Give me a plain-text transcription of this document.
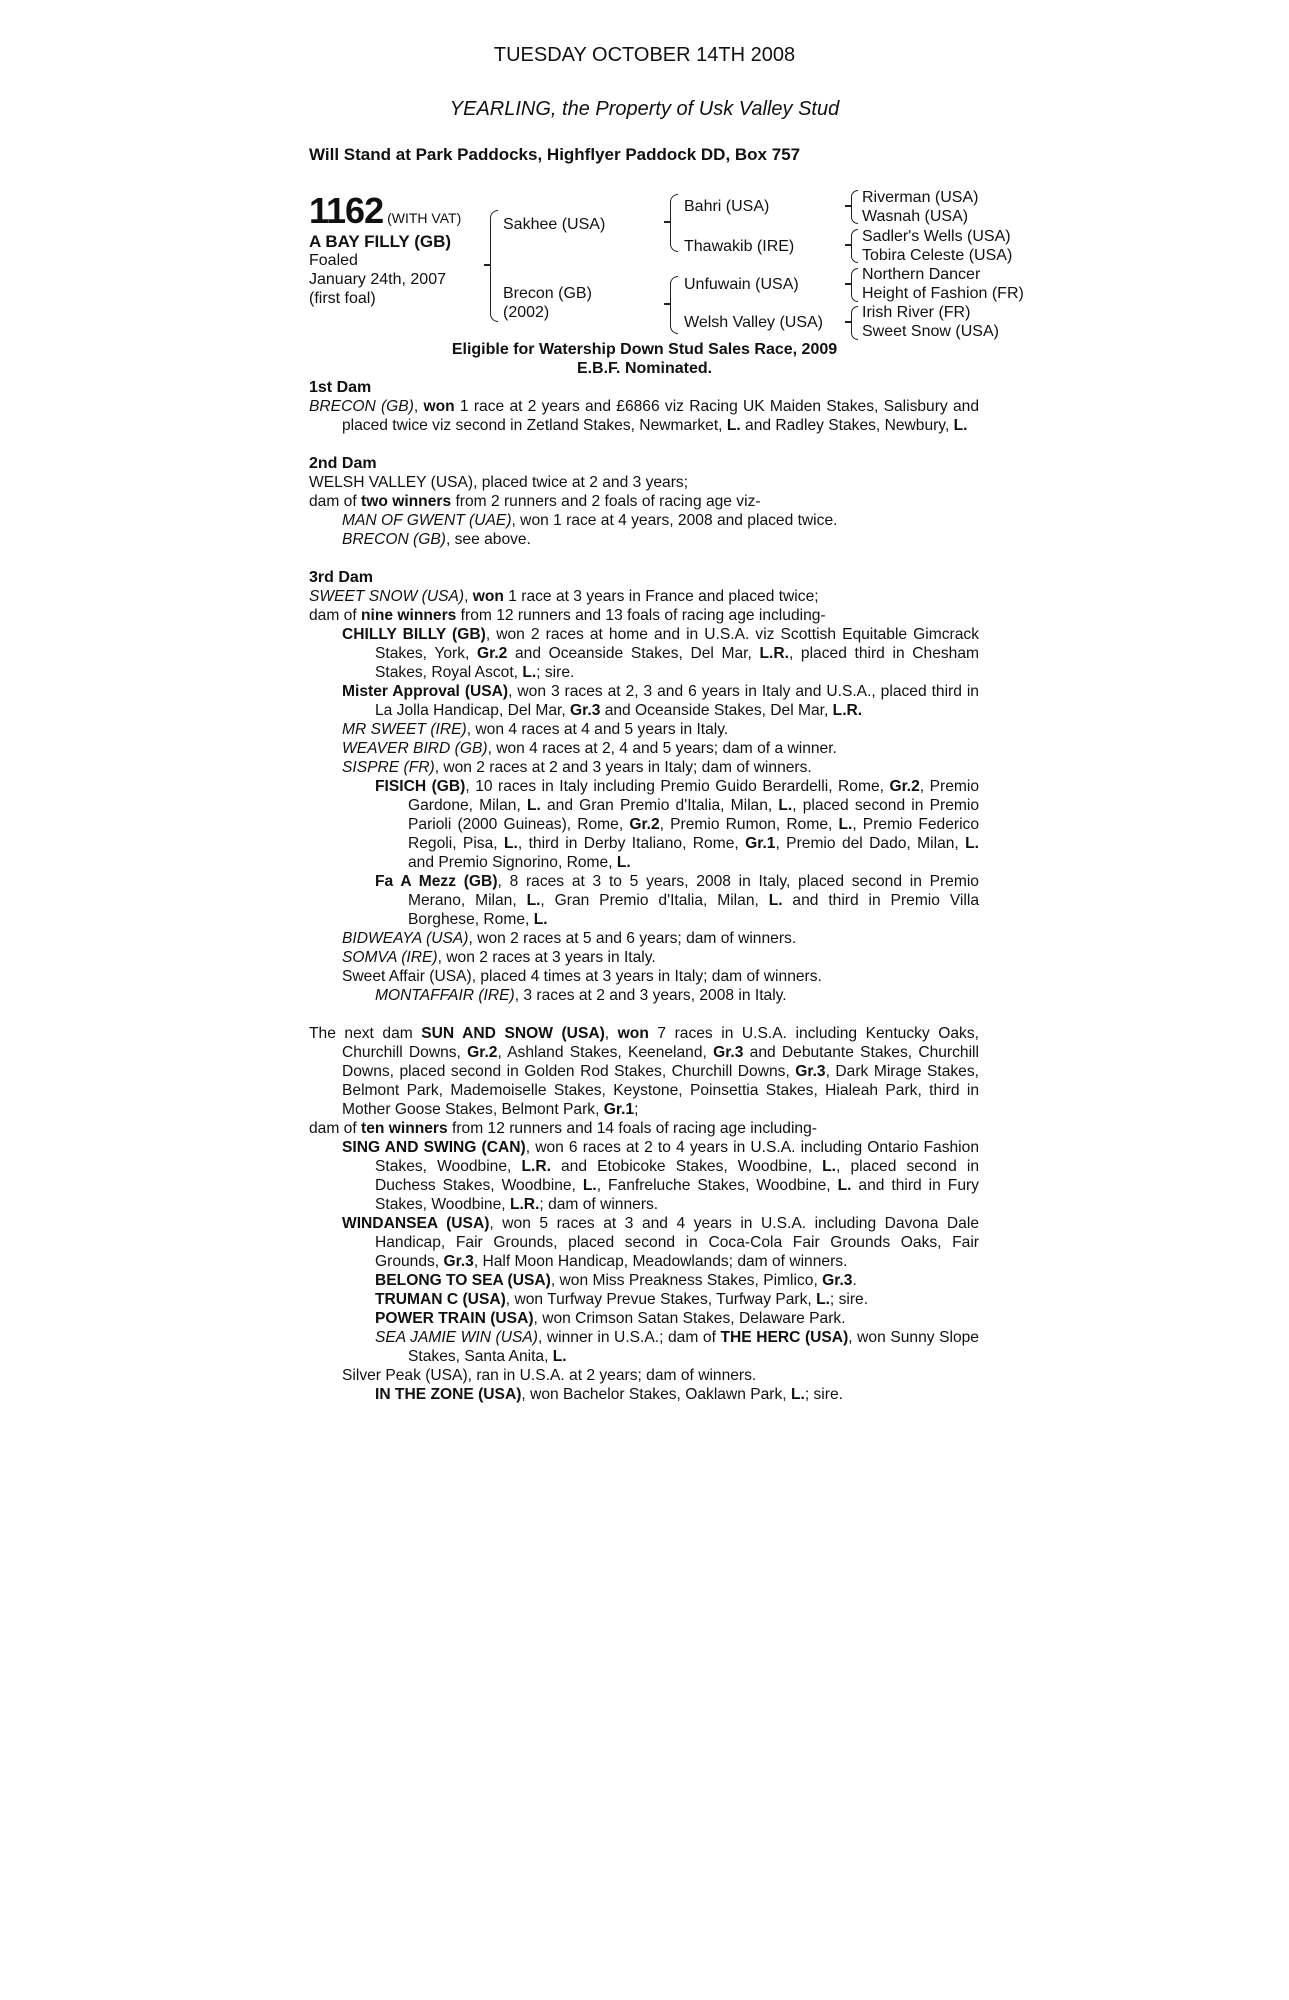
TUESDAY OCTOBER 14TH 2008
YEARLING, the Property of Usk Valley Stud
Will Stand at Park Paddocks, Highflyer Paddock DD, Box 757
1162 (WITH VAT)
A BAY FILLY (GB)
Foaled
January 24th, 2007
(first foal)
Sakhee (USA)
Brecon (GB)
(2002)
Bahri (USA)
Thawakib (IRE)
Unfuwain (USA)
Welsh Valley (USA)
Riverman (USA)
Wasnah (USA)
Sadler's Wells (USA)
Tobira Celeste (USA)
Northern Dancer
Height of Fashion (FR)
Irish River (FR)
Sweet Snow (USA)
Eligible for Watership Down Stud Sales Race, 2009
E.B.F. Nominated.
1st Dam

BRECON (GB), won 1 race at 2 years and £6866 viz Racing UK Maiden Stakes, Salisbury and placed twice viz second in Zetland Stakes, Newmarket, L. and Radley Stakes, Newbury, L.

2nd Dam

WELSH VALLEY (USA), placed twice at 2 and 3 years;

dam of two winners from 2 runners and 2 foals of racing age viz-

MAN OF GWENT (UAE), won 1 race at 4 years, 2008 and placed twice.

BRECON (GB), see above.

3rd Dam

SWEET SNOW (USA), won 1 race at 3 years in France and placed twice;

dam of nine winners from 12 runners and 13 foals of racing age including-

CHILLY BILLY (GB), won 2 races at home and in U.S.A. viz Scottish Equitable Gimcrack Stakes, York, Gr.2 and Oceanside Stakes, Del Mar, L.R., placed third in Chesham Stakes, Royal Ascot, L.; sire.

Mister Approval (USA), won 3 races at 2, 3 and 6 years in Italy and U.S.A., placed third in La Jolla Handicap, Del Mar, Gr.3 and Oceanside Stakes, Del Mar, L.R.

MR SWEET (IRE), won 4 races at 4 and 5 years in Italy.

WEAVER BIRD (GB), won 4 races at 2, 4 and 5 years; dam of a winner.

SISPRE (FR), won 2 races at 2 and 3 years in Italy; dam of winners.

FISICH (GB), 10 races in Italy including Premio Guido Berardelli, Rome, Gr.2, Premio Gardone, Milan, L. and Gran Premio d'Italia, Milan, L., placed second in Premio Parioli (2000 Guineas), Rome, Gr.2, Premio Rumon, Rome, L., Premio Federico Regoli, Pisa, L., third in Derby Italiano, Rome, Gr.1, Premio del Dado, Milan, L. and Premio Signorino, Rome, L.

Fa A Mezz (GB), 8 races at 3 to 5 years, 2008 in Italy, placed second in Premio Merano, Milan, L., Gran Premio d'Italia, Milan, L. and third in Premio Villa Borghese, Rome, L.

BIDWEAYA (USA), won 2 races at 5 and 6 years; dam of winners.

SOMVA (IRE), won 2 races at 3 years in Italy.

Sweet Affair (USA), placed 4 times at 3 years in Italy; dam of winners.

MONTAFFAIR (IRE), 3 races at 2 and 3 years, 2008 in Italy.

The next dam SUN AND SNOW (USA), won 7 races in U.S.A. including Kentucky Oaks, Churchill Downs, Gr.2, Ashland Stakes, Keeneland, Gr.3 and Debutante Stakes, Churchill Downs, placed second in Golden Rod Stakes, Churchill Downs, Gr.3, Dark Mirage Stakes, Belmont Park, Mademoiselle Stakes, Keystone, Poinsettia Stakes, Hialeah Park, third in Mother Goose Stakes, Belmont Park, Gr.1;

dam of ten winners from 12 runners and 14 foals of racing age including-

SING AND SWING (CAN), won 6 races at 2 to 4 years in U.S.A. including Ontario Fashion Stakes, Woodbine, L.R. and Etobicoke Stakes, Woodbine, L., placed second in Duchess Stakes, Woodbine, L., Fanfreluche Stakes, Woodbine, L. and third in Fury Stakes, Woodbine, L.R.; dam of winners.

WINDANSEA (USA), won 5 races at 3 and 4 years in U.S.A. including Davona Dale Handicap, Fair Grounds, placed second in Coca-Cola Fair Grounds Oaks, Fair Grounds, Gr.3, Half Moon Handicap, Meadowlands; dam of winners.

BELONG TO SEA (USA), won Miss Preakness Stakes, Pimlico, Gr.3.

TRUMAN C (USA), won Turfway Prevue Stakes, Turfway Park, L.; sire.

POWER TRAIN (USA), won Crimson Satan Stakes, Delaware Park.

SEA JAMIE WIN (USA), winner in U.S.A.; dam of THE HERC (USA), won Sunny Slope Stakes, Santa Anita, L.

Silver Peak (USA), ran in U.S.A. at 2 years; dam of winners.

IN THE ZONE (USA), won Bachelor Stakes, Oaklawn Park, L.; sire.
